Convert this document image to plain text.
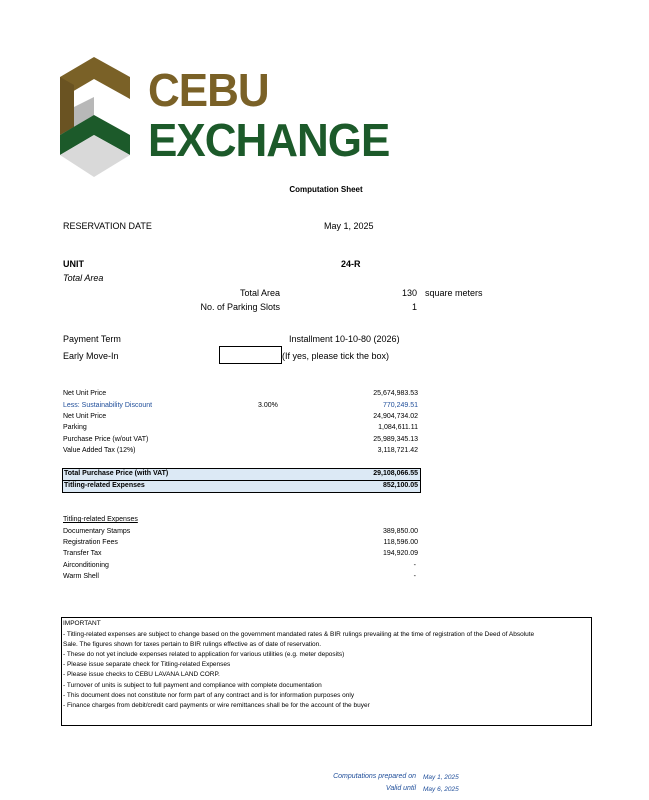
CEBU
EXCHANGE
Computation Sheet
RESERVATION DATE	May 1, 2025
UNIT	24-R
Total Area
Total Area	130 square meters
No. of Parking Slots	1
Payment Term	Installment 10-10-80 (2026)
Early Move-In	(If yes, please tick the box)
Net Unit Price	25,674,983.53
Less: Sustainability Discount	3.00%	770,249.51
Net Unit Price	24,904,734.02
Parking	1,084,611.11
Purchase Price (w/out VAT)	25,989,345.13
Value Added Tax (12%)	3,118,721.42
Total Purchase Price (with VAT)	29,108,066.55
Titling-related Expenses	852,100.05
Titling-related Expenses
Documentary Stamps	389,850.00
Registration Fees	118,596.00
Transfer Tax	194,920.09
Airconditioning	-
Warm Shell	-
IMPORTANT
- Titling-related expenses are subject to change based on the government mandated rates & BIR rulings prevailing at the time of registration of the Deed of Absolute
Sale. The figures shown for taxes pertain to BIR rulings effective as of date of reservation.
- These do not yet include expenses related to application for various utilities (e.g. meter deposits)
- Please issue separate check for Titling-related Expenses
- Please issue checks to CEBU LAVANA LAND CORP.
- Turnover of units is subject to full payment and compliance with complete documentation
- This document does not constitute nor form part of any contract and is for information purposes only
- Finance charges from debit/credit card payments or wire remittances shall be for the account of the buyer
Computations prepared on May 1, 2025
Valid until May 6, 2025
